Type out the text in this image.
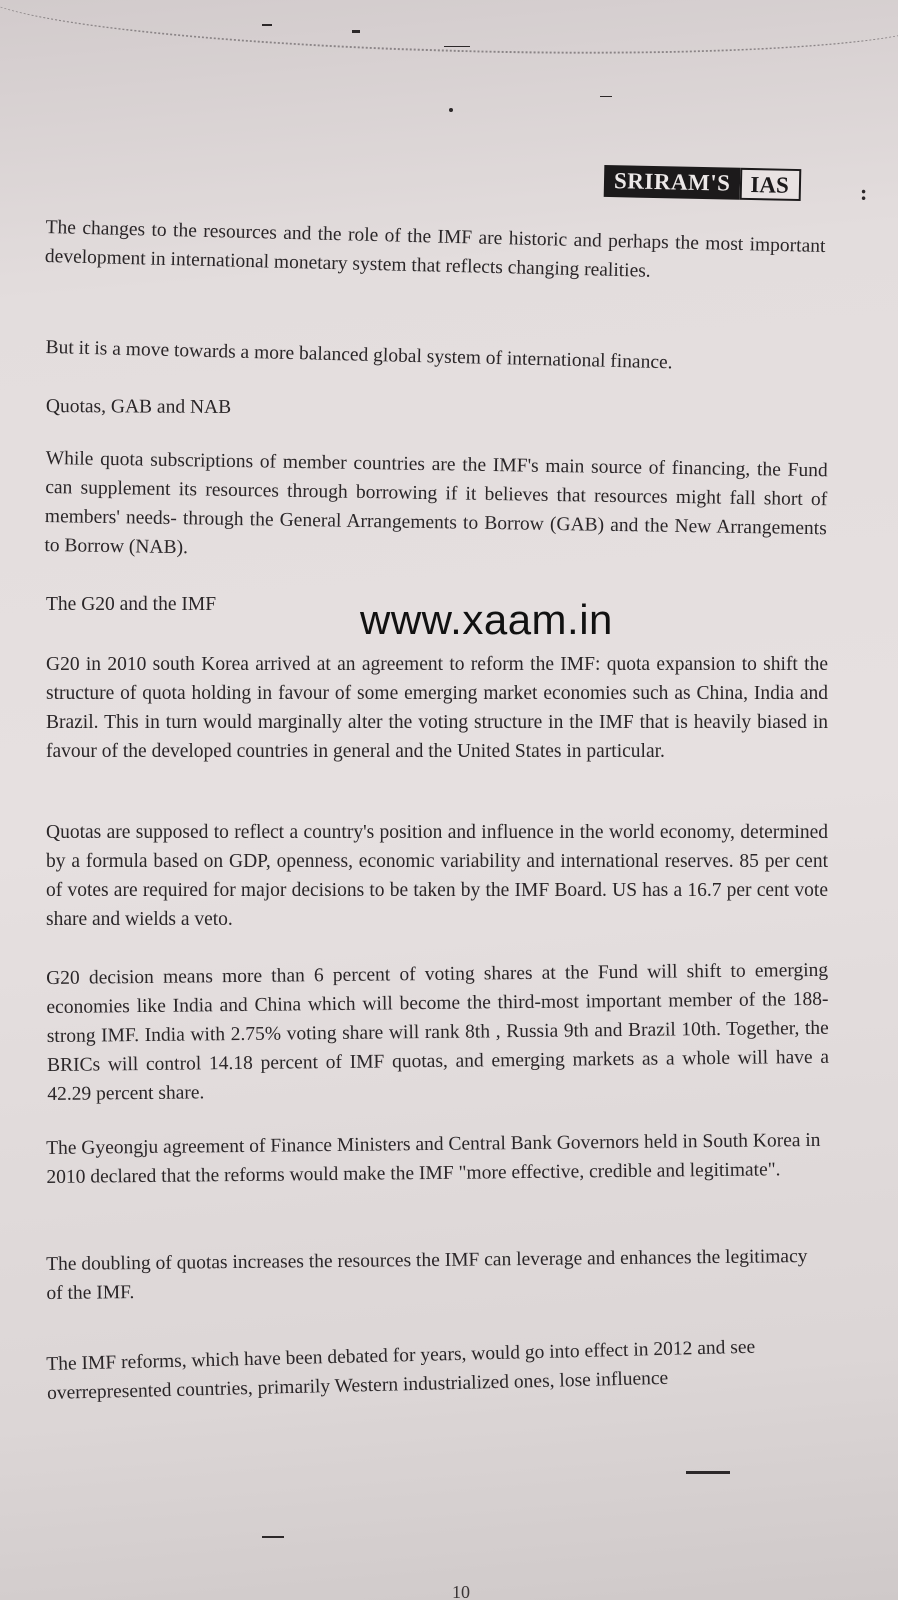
SRIRAM'S IAS	:

The changes to the resources and the role of the IMF are historic and perhaps the most important development in international monetary system that reflects changing realities.

But it is a move towards a more balanced global system of international finance.

Quotas, GAB and NAB

While quota subscriptions of member countries are the IMF's main source of financing, the Fund can supplement its resources through borrowing if it believes that resources might fall short of members' needs- through the General Arrangements to Borrow (GAB) and the New Arrangements to Borrow (NAB).

The G20 and the IMF	www.xaam.in

G20 in 2010 south Korea arrived at an agreement to reform the IMF: quota expansion to shift the structure of quota holding in favour of some emerging market economies such as China, India and Brazil. This in turn would marginally alter the voting structure in the IMF that is heavily biased in favour of the developed countries in general and the United States in particular.

Quotas are supposed to reflect a country's position and influence in the world economy, determined by a formula based on GDP, openness, economic variability and international reserves. 85 per cent of votes are required for major decisions to be taken by the IMF Board. US has a 16.7 per cent vote share and wields a veto.

G20 decision means more than 6 percent of voting shares at the Fund will shift to emerging economies like India and China which will become the third-most important member of the 188-strong IMF. India with 2.75% voting share will rank 8th , Russia 9th and Brazil 10th. Together, the BRICs will control 14.18 percent of IMF quotas, and emerging markets as a whole will have a 42.29 percent share.

The Gyeongju agreement of Finance Ministers and Central Bank Governors held in South Korea in 2010 declared that the reforms would make the IMF "more effective, credible and legitimate".

The doubling of quotas increases the resources the IMF can leverage and enhances the legitimacy of the IMF.

The IMF reforms, which have been debated for years, would go into effect in 2012 and see overrepresented countries, primarily Western industrialized ones, lose influence

10
